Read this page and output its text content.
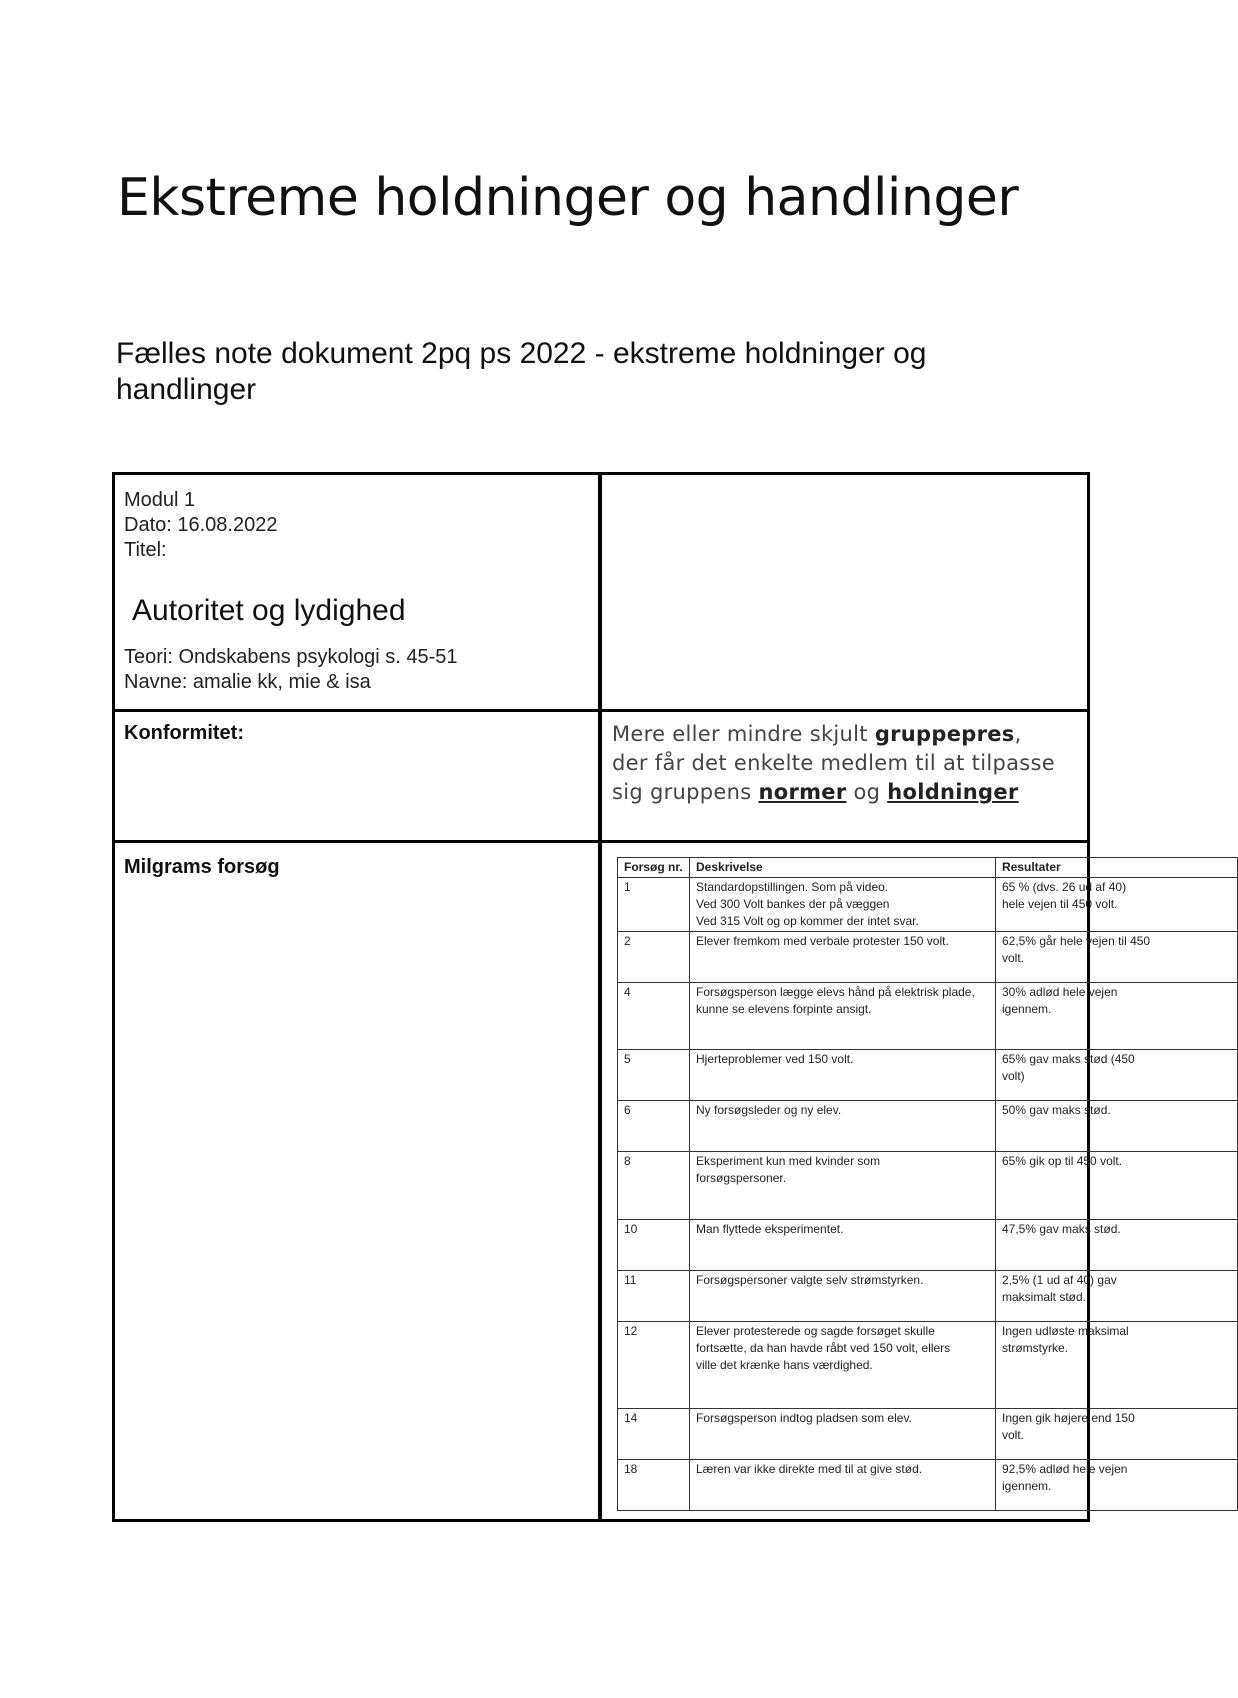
Ekstreme holdninger og handlinger

Fælles note dokument 2pq ps 2022 - ekstreme holdninger og handlinger

Modul 1
Dato: 16.08.2022
Titel:
Autoritet og lydighed
Teori: Ondskabens psykologi s. 45-51
Navne: amalie kk, mie & isa
Konformitet:	Mere eller mindre skjult gruppepres,
der får det enkelte medlem til at tilpasse
sig gruppens normer og holdninger
Milgrams forsøg	Forsøg nr.	Deskrivelse	Resultater
1	Standardopstillingen. Som på video.
Ved 300 Volt bankes der på væggen
Ved 315 Volt og op kommer der intet svar.	65 % (dvs. 26 ud af 40)
hele vejen til 450 volt.
2	Elever fremkom med verbale protester 150 volt.	62,5% går hele vejen til 450
volt.
4	Forsøgsperson lægge elevs hånd på elektrisk plade,
kunne se elevens forpinte ansigt.	30% adlød hele vejen
igennem.
5	Hjerteproblemer ved 150 volt.	65% gav maks stød (450
volt)
6	Ny forsøgsleder og ny elev.	50% gav maks stød.
8	Eksperiment kun med kvinder som
forsøgspersoner.	65% gik op til 450 volt.
10	Man flyttede eksperimentet.	47,5% gav maks stød.
11	Forsøgspersoner valgte selv strømstyrken.	2,5% (1 ud af 40) gav
maksimalt stød.
12	Elever protesterede og sagde forsøget skulle
fortsætte, da han havde råbt ved 150 volt, ellers
ville det krænke hans værdighed.	Ingen udløste maksimal
strømstyrke.
14	Forsøgsperson indtog pladsen som elev.	Ingen gik højere end 150
volt.
18	Læren var ikke direkte med til at give stød.	92,5% adlød hele vejen
igennem.
